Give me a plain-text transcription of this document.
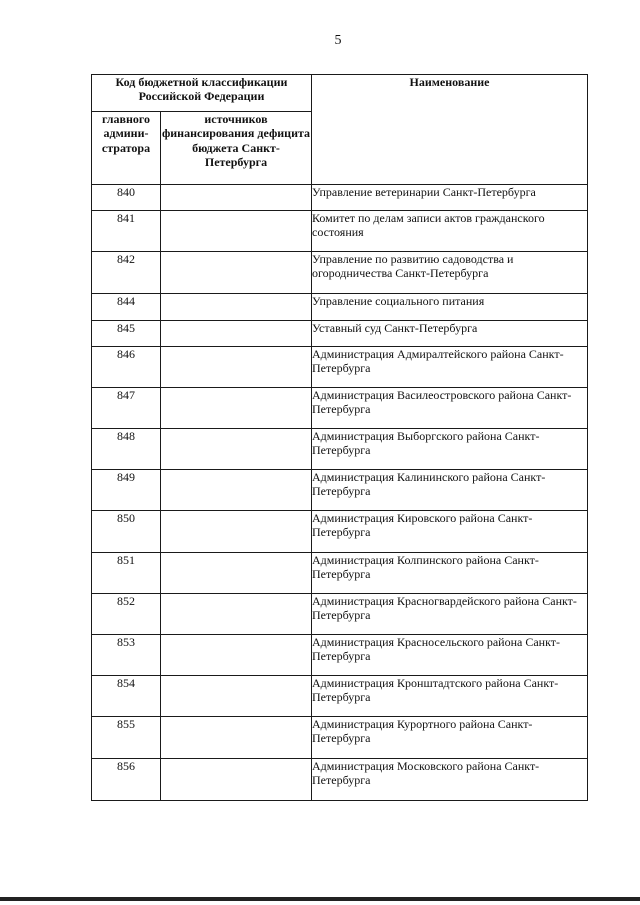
5
Код бюджетной классификации Российской Федерации		Наименование
главного админи-стратора	источников финансирования дефицита бюджета Санкт-Петербурга	
840		Управление ветеринарии Санкт-Петербурга
841		Комитет по делам записи актов гражданского состояния
842		Управление по развитию садоводства и огородничества Санкт-Петербурга
844		Управление социального питания
845		Уставный суд Санкт-Петербурга
846		Администрация Адмиралтейского района Санкт-Петербурга
847		Администрация Василеостровского района Санкт-Петербурга
848		Администрация Выборгского района Санкт-Петербурга
849		Администрация Калининского района Санкт-Петербурга
850		Администрация Кировского района Санкт-Петербурга
851		Администрация Колпинского района Санкт-Петербурга
852		Администрация Красногвардейского района Санкт-Петербурга
853		Администрация Красносельского района Санкт-Петербурга
854		Администрация Кронштадтского района Санкт-Петербурга
855		Администрация Курортного района Санкт-Петербурга
856		Администрация Московского района Санкт-Петербурга
